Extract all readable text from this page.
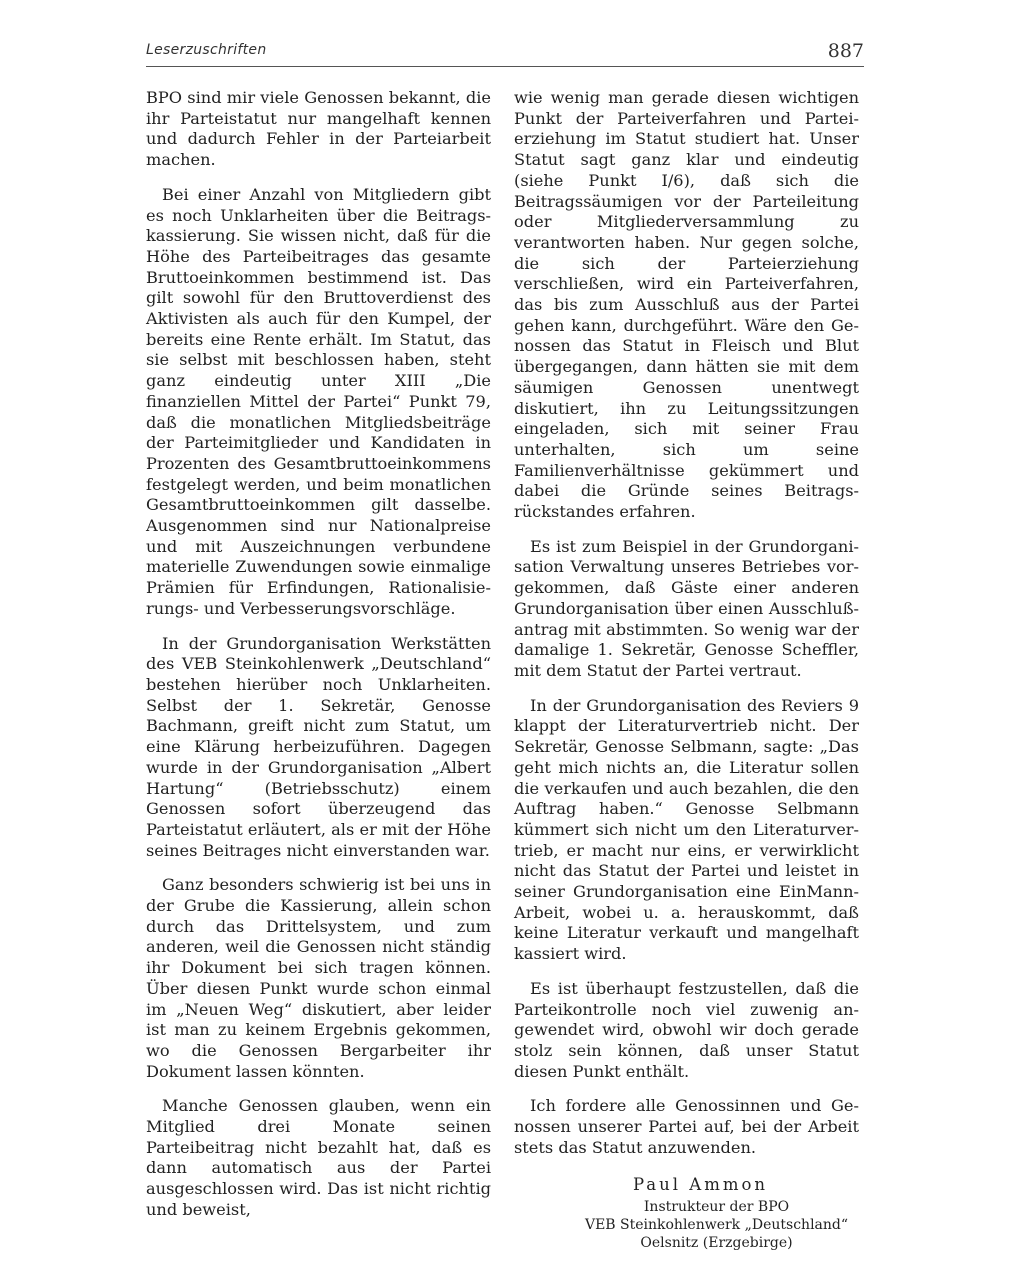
Leserzuschriften	887

BPO sind mir viele Genossen bekannt, die ihr Parteistatut nur mangelhaft kennen und dadurch Fehler in der Parteiarbeit machen.

Bei einer Anzahl von Mitgliedern gibt es noch Unklarheiten über die Beitragskassierung. Sie wissen nicht, daß für die Höhe des Parteibeitrages das gesamte Bruttoeinkommen bestimmend ist. Das gilt sowohl für den Bruttoverdienst des Aktivisten als auch für den Kumpel, der bereits eine Rente erhält. Im Statut, das sie selbst mit beschlossen haben, steht ganz eindeutig unter XIII „Die finanziellen Mittel der Partei“ Punkt 79, daß die monatlichen Mitgliedsbeiträge der Parteimitglieder und Kandidaten in Prozenten des Gesamtbruttoeinkommens festgelegt werden, und beim monatlichen Gesamtbruttoeinkommen gilt dasselbe. Ausgenommen sind nur Nationalpreise und mit Auszeichnungen verbundene materielle Zuwendungen sowie einmalige Prämien für Erfindungen, Rationalisierungs- und Verbesserungsvorschläge.

In der Grundorganisation Werkstätten des VEB Steinkohlenwerk „Deutschland“ bestehen hierüber noch Unklarheiten. Selbst der 1. Sekretär, Genosse Bachmann, greift nicht zum Statut, um eine Klärung herbeizuführen. Dagegen wurde in der Grundorganisation „Albert Hartung“ (Betriebsschutz) einem Genossen sofort überzeugend das Parteistatut erläutert, als er mit der Höhe seines Beitrages nicht einverstanden war.

Ganz besonders schwierig ist bei uns in der Grube die Kassierung, allein schon durch das Drittelsystem, und zum anderen, weil die Genossen nicht ständig ihr Dokument bei sich tragen können. Über diesen Punkt wurde schon einmal im „Neuen Weg“ diskutiert, aber leider ist man zu keinem Ergebnis gekommen, wo die Genossen Bergarbeiter ihr Dokument lassen könnten.

Manche Genossen glauben, wenn ein Mitglied drei Monate seinen Parteibeitrag nicht bezahlt hat, daß es dann automatisch aus der Partei ausgeschlossen wird. Das ist nicht richtig und beweist,

wie wenig man gerade diesen wichtigen Punkt der Parteiverfahren und Parteierziehung im Statut studiert hat. Unser Statut sagt ganz klar und eindeutig (siehe Punkt I/6), daß sich die Beitragssäumigen vor der Parteileitung oder Mitgliederversammlung zu verantworten haben. Nur gegen solche, die sich der Parteierziehung verschließen, wird ein Parteiverfahren, das bis zum Ausschluß aus der Partei gehen kann, durchgeführt. Wäre den Genossen das Statut in Fleisch und Blut übergegangen, dann hätten sie mit dem säumigen Genossen unentwegt diskutiert, ihn zu Leitungssitzungen eingeladen, sich mit seiner Frau unterhalten, sich um seine Familienverhältnisse gekümmert und dabei die Gründe seines Beitragsrückstandes erfahren.

Es ist zum Beispiel in der Grundorganisation Verwaltung unseres Betriebes vorgekommen, daß Gäste einer anderen Grundorganisation über einen Ausschlußantrag mit abstimmten. So wenig war der damalige 1. Sekretär, Genosse Scheffler, mit dem Statut der Partei vertraut.

In der Grundorganisation des Reviers 9 klappt der Literaturvertrieb nicht. Der Sekretär, Genosse Selbmann, sagte: „Das geht mich nichts an, die Literatur sollen die verkaufen und auch bezahlen, die den Auftrag haben.“ Genosse Selbmann kümmert sich nicht um den Literaturvertrieb, er macht nur eins, er verwirklicht nicht das Statut der Partei und leistet in seiner Grundorganisation eine EinMann-Arbeit, wobei u. a. herauskommt, daß keine Literatur verkauft und mangelhaft kassiert wird.

Es ist überhaupt festzustellen, daß die Parteikontrolle noch viel zuwenig angewendet wird, obwohl wir doch gerade stolz sein können, daß unser Statut diesen Punkt enthält.

Ich fordere alle Genossinnen und Genossen unserer Partei auf, bei der Arbeit stets das Statut anzuwenden.

Paul Ammon
Instrukteur der BPO
VEB Steinkohlenwerk „Deutschland“
Oelsnitz (Erzgebirge)
